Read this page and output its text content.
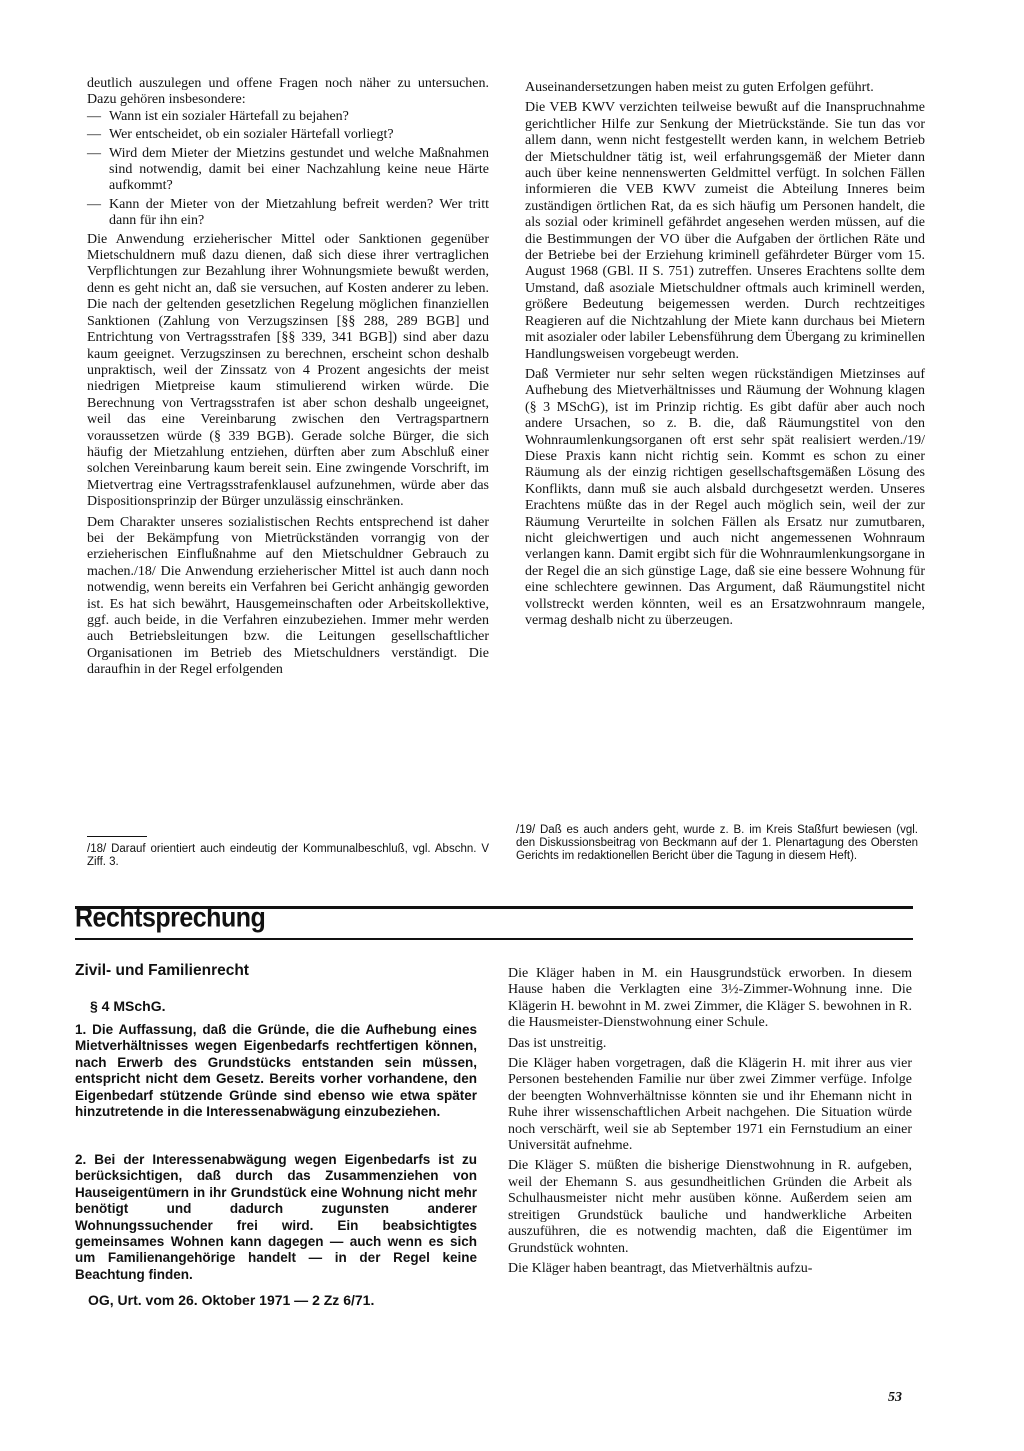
deutlich auszulegen und offene Fragen noch näher zu untersuchen. Dazu gehören insbesondere:

— Wann ist ein sozialer Härtefall zu bejahen?
— Wer entscheidet, ob ein sozialer Härtefall vorliegt?
— Wird dem Mieter der Mietzins gestundet und welche Maßnahmen sind notwendig, damit bei einer Nachzahlung keine neue Härte aufkommt?
— Kann der Mieter von der Mietzahlung befreit werden? Wer tritt dann für ihn ein?

Die Anwendung erzieherischer Mittel oder Sanktionen gegenüber Mietschuldnern muß dazu dienen, daß sich diese ihrer vertraglichen Verpflichtungen zur Bezahlung ihrer Wohnungsmiete bewußt werden, denn es geht nicht an, daß sie versuchen, auf Kosten anderer zu leben. Die nach der geltenden gesetzlichen Regelung möglichen finanziellen Sanktionen (Zahlung von Verzugszinsen [§§ 288, 289 BGB] und Entrichtung von Vertragsstrafen [§§ 339, 341 BGB]) sind aber dazu kaum geeignet. Verzugszinsen zu berechnen, erscheint schon deshalb unpraktisch, weil der Zinssatz von 4 Prozent angesichts der meist niedrigen Mietpreise kaum stimulierend wirken würde. Die Berechnung von Vertragsstrafen ist aber schon deshalb ungeeignet, weil das eine Vereinbarung zwischen den Vertragspartnern voraussetzen würde (§ 339 BGB). Gerade solche Bürger, die sich häufig der Mietzahlung entziehen, dürften aber zum Abschluß einer solchen Vereinbarung kaum bereit sein. Eine zwingende Vorschrift, im Mietvertrag eine Vertragsstrafenklausel aufzunehmen, würde aber das Dispositionsprinzip der Bürger unzulässig einschränken.

Dem Charakter unseres sozialistischen Rechts entsprechend ist daher bei der Bekämpfung von Mietrückständen vorrangig von der erzieherischen Einflußnahme auf den Mietschuldner Gebrauch zu machen./18/ Die Anwendung erzieherischer Mittel ist auch dann noch notwendig, wenn bereits ein Verfahren bei Gericht anhängig geworden ist. Es hat sich bewährt, Hausgemeinschaften oder Arbeitskollektive, ggf. auch beide, in die Verfahren einzubeziehen. Immer mehr werden auch Betriebsleitungen bzw. die Leitungen gesellschaftlicher Organisationen im Betrieb des Mietschuldners verständigt. Die daraufhin in der Regel erfolgenden

/18/ Darauf orientiert auch eindeutig der Kommunalbeschluß, vgl. Abschn. V Ziff. 3.

Auseinandersetzungen haben meist zu guten Erfolgen geführt.

Die VEB KWV verzichten teilweise bewußt auf die Inanspruchnahme gerichtlicher Hilfe zur Senkung der Mietrückstände. Sie tun das vor allem dann, wenn nicht festgestellt werden kann, in welchem Betrieb der Mietschuldner tätig ist, weil erfahrungsgemäß der Mieter dann auch über keine nennenswerten Geldmittel verfügt. In solchen Fällen informieren die VEB KWV zumeist die Abteilung Inneres beim zuständigen örtlichen Rat, da es sich häufig um Personen handelt, die als sozial oder kriminell gefährdet angesehen werden müssen, auf die die Bestimmungen der VO über die Aufgaben der örtlichen Räte und der Betriebe bei der Erziehung kriminell gefährdeter Bürger vom 15. August 1968 (GBl. II S. 751) zutreffen. Unseres Erachtens sollte dem Umstand, daß asoziale Mietschuldner oftmals auch kriminell werden, größere Bedeutung beigemessen werden. Durch rechtzeitiges Reagieren auf die Nichtzahlung der Miete kann durchaus bei Mietern mit asozialer oder labiler Lebensführung dem Übergang zu kriminellen Handlungsweisen vorgebeugt werden.

Daß Vermieter nur sehr selten wegen rückständigen Mietzinses auf Aufhebung des Mietverhältnisses und Räumung der Wohnung klagen (§ 3 MSchG), ist im Prinzip richtig. Es gibt dafür aber auch noch andere Ursachen, so z. B. die, daß Räumungstitel von den Wohnraumlenkungsorganen oft erst sehr spät realisiert werden./19/ Diese Praxis kann nicht richtig sein. Kommt es schon zu einer Räumung als der einzig richtigen gesellschaftsgemäßen Lösung des Konflikts, dann muß sie auch alsbald durchgesetzt werden. Unseres Erachtens müßte das in der Regel auch möglich sein, weil der zur Räumung Verurteilte in solchen Fällen als Ersatz nur zumutbaren, nicht gleichwertigen und auch nicht angemessenen Wohnraum verlangen kann. Damit ergibt sich für die Wohnraumlenkungsorgane in der Regel die an sich günstige Lage, daß sie eine bessere Wohnung für eine schlechtere gewinnen. Das Argument, daß Räumungstitel nicht vollstreckt werden könnten, weil es an Ersatzwohnraum mangele, vermag deshalb nicht zu überzeugen.

/19/ Daß es auch anders geht, wurde z. B. im Kreis Staßfurt bewiesen (vgl. den Diskussionsbeitrag von Beckmann auf der 1. Plenartagung des Obersten Gerichts im redaktionellen Bericht über die Tagung in diesem Heft).
Rechtsprechung
Zivil- und Familienrecht
§ 4 MSchG.
1. Die Auffassung, daß die Gründe, die die Aufhebung eines Mietverhältnisses wegen Eigenbedarfs rechtfertigen können, nach Erwerb des Grundstücks entstanden sein müssen, entspricht nicht dem Gesetz. Bereits vorher vorhandene, den Eigenbedarf stützende Gründe sind ebenso wie etwa später hinzutretende in die Interessenabwägung einzubeziehen.
2. Bei der Interessenabwägung wegen Eigenbedarfs ist zu berücksichtigen, daß durch das Zusammenziehen von Hauseigentümern in ihr Grundstück eine Wohnung nicht mehr benötigt und dadurch zugunsten anderer Wohnungssuchender frei wird. Ein beabsichtigtes gemeinsames Wohnen kann dagegen — auch wenn es sich um Familienangehörige handelt — in der Regel keine Beachtung finden.
OG, Urt. vom 26. Oktober 1971 — 2 Zz 6/71.

Die Kläger haben in M. ein Hausgrundstück erworben. In diesem Hause haben die Verklagten eine 3½-Zimmer-Wohnung inne. Die Klägerin H. bewohnt in M. zwei Zimmer, die Kläger S. bewohnen in R. die Hausmeister-Dienstwohnung einer Schule.

Das ist unstreitig.

Die Kläger haben vorgetragen, daß die Klägerin H. mit ihrer aus vier Personen bestehenden Familie nur über zwei Zimmer verfüge. Infolge der beengten Wohnverhältnisse könnten sie und ihr Ehemann nicht in Ruhe ihrer wissenschaftlichen Arbeit nachgehen. Die Situation würde noch verschärft, weil sie ab September 1971 ein Fernstudium an einer Universität aufnehme.

Die Kläger S. müßten die bisherige Dienstwohnung in R. aufgeben, weil der Ehemann S. aus gesundheitlichen Gründen die Arbeit als Schulhausmeister nicht mehr ausüben könne. Außerdem seien am streitigen Grundstück bauliche und handwerkliche Arbeiten auszuführen, die es notwendig machten, daß die Eigentümer im Grundstück wohnten.

Die Kläger haben beantragt, das Mietverhältnis aufzu-

53
